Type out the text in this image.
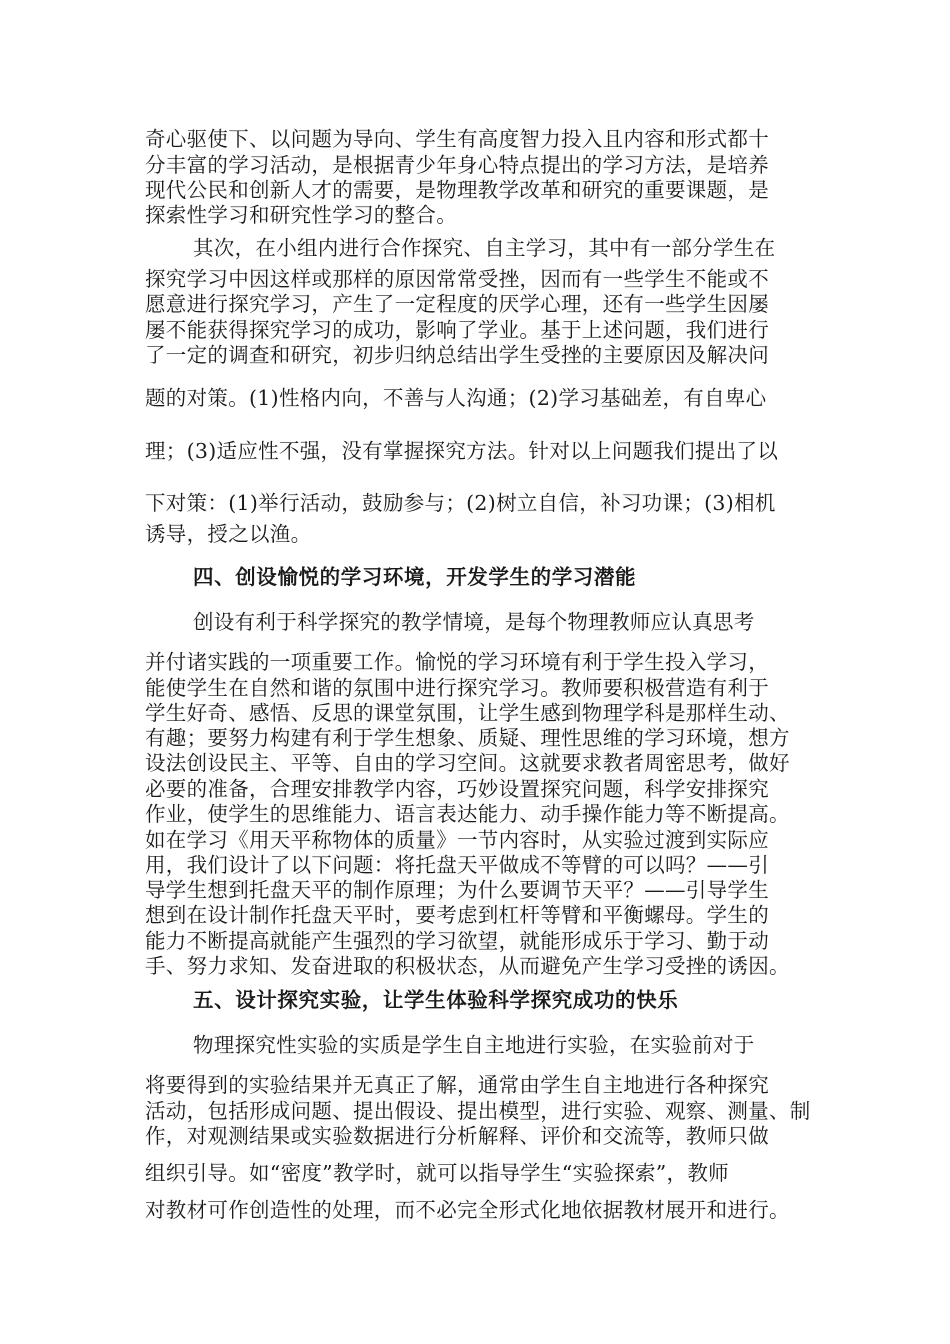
奇心驱使下、以问题为导向、学生有高度智力投入且内容和形式都十
分丰富的学习活动，是根据青少年身心特点提出的学习方法，是培养
现代公民和创新人才的需要，是物理教学改革和研究的重要课题，是
探索性学习和研究性学习的整合。
其次，在小组内进行合作探究、自主学习，其中有一部分学生在
探究学习中因这样或那样的原因常常受挫，因而有一些学生不能或不
愿意进行探究学习，产生了一定程度的厌学心理，还有一些学生因屡
屡不能获得探究学习的成功，影响了学业。基于上述问题，我们进行
了一定的调查和研究，初步归纳总结出学生受挫的主要原因及解决问
题的对策。(1)性格内向，不善与人沟通；(2)学习基础差，有自卑心
理；(3)适应性不强，没有掌握探究方法。针对以上问题我们提出了以
下对策：(1)举行活动，鼓励参与；(2)树立自信，补习功课；(3)相机
诱导，授之以渔。
四、创设愉悦的学习环境，开发学生的学习潜能
创设有利于科学探究的教学情境，是每个物理教师应认真思考
并付诸实践的一项重要工作。愉悦的学习环境有利于学生投入学习，
能使学生在自然和谐的氛围中进行探究学习。教师要积极营造有利于
学生好奇、感悟、反思的课堂氛围，让学生感到物理学科是那样生动、
有趣；要努力构建有利于学生想象、质疑、理性思维的学习环境，想方
设法创设民主、平等、自由的学习空间。这就要求教者周密思考，做好
必要的准备，合理安排教学内容，巧妙设置探究问题，科学安排探究
作业，使学生的思维能力、语言表达能力、动手操作能力等不断提高。
如在学习《用天平称物体的质量》一节内容时，从实验过渡到实际应
用，我们设计了以下问题：将托盘天平做成不等臂的可以吗？——引
导学生想到托盘天平的制作原理；为什么要调节天平？——引导学生
想到在设计制作托盘天平时，要考虑到杠杆等臂和平衡螺母。学生的
能力不断提高就能产生强烈的学习欲望，就能形成乐于学习、勤于动
手、努力求知、发奋进取的积极状态，从而避免产生学习受挫的诱因。
五、设计探究实验，让学生体验科学探究成功的快乐
物理探究性实验的实质是学生自主地进行实验，在实验前对于
将要得到的实验结果并无真正了解，通常由学生自主地进行各种探究
活动，包括形成问题、提出假设、提出模型，进行实验、观察、测量、制
作，对观测结果或实验数据进行分析解释、评价和交流等，教师只做
组织引导。如“密度”教学时，就可以指导学生“实验探索”，教师
对教材可作创造性的处理，而不必完全形式化地依据教材展开和进行。
